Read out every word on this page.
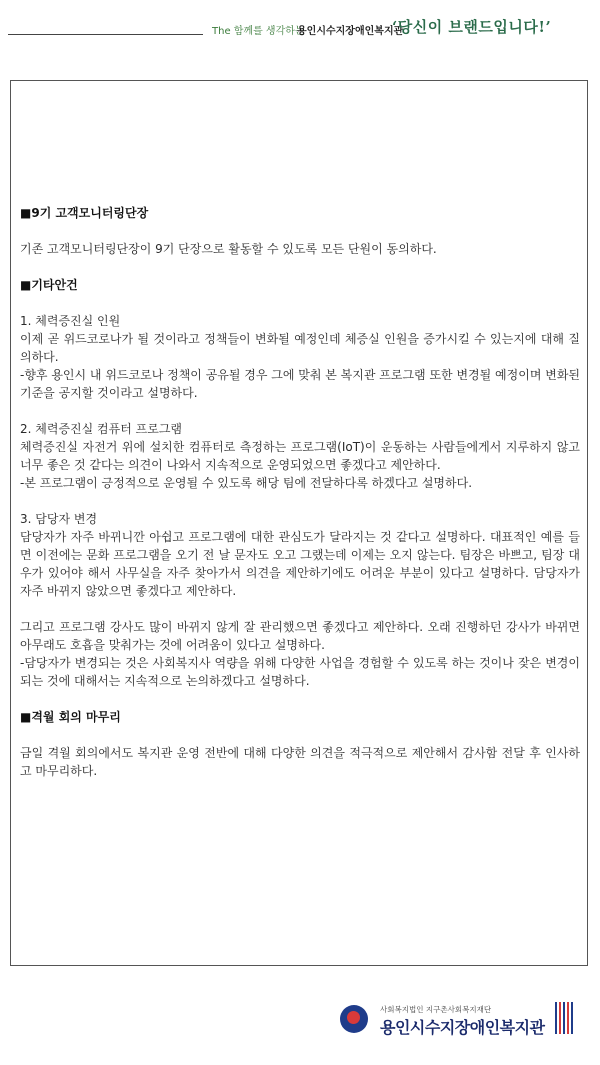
The 함께를 생각하는
용인시수지장애인복지관
‘당신이 브랜드입니다!’

■9기 고객모니터링단장

기존 고객모니터링단장이 9기 단장으로 활동할 수 있도록 모든 단원이 동의하다.

■기타안건

1. 체력증진실 인원

이제 곧 위드코로나가 될 것이라고 정책들이 변화될 예정인데 체증실 인원을 증가시킬 수 있는지에 대해 질의하다.

-향후 용인시 내 위드코로나 정책이 공유될 경우 그에 맞춰 본 복지관 프로그램 또한 변경될 예정이며 변화된 기준을 공지할 것이라고 설명하다.

2. 체력증진실 컴퓨터 프로그램

체력증진실 자전거 위에 설치한 컴퓨터로 측정하는 프로그램(IoT)이 운동하는 사람들에게서 지루하지 않고 너무 좋은 것 같다는 의견이 나와서 지속적으로 운영되었으면 좋겠다고 제안하다.

-본 프로그램이 긍정적으로 운영될 수 있도록 해당 팀에 전달하다록 하겠다고 설명하다.

3. 담당자 변경

담당자가 자주 바뀌니깐 아쉽고 프로그램에 대한 관심도가 달라지는 것 같다고 설명하다. 대표적인 예를 들면 이전에는 문화 프로그램을 오기 전 날 문자도 오고 그랬는데 이제는 오지 않는다. 팀장은 바쁘고, 팀장 대우가 있어야 해서 사무실을 자주 찾아가서 의견을 제안하기에도 어려운 부분이 있다고 설명하다. 담당자가 자주 바뀌지 않았으면 좋겠다고 제안하다.

그리고 프로그램 강사도 많이 바뀌지 않게 잘 관리했으면 좋겠다고 제안하다. 오래 진행하던 강사가 바뀌면 아무래도 호흡을 맞춰가는 것에 어려움이 있다고 설명하다.

-담당자가 변경되는 것은 사회복지사 역량을 위해 다양한 사업을 경험할 수 있도록 하는 것이나 잦은 변경이 되는 것에 대해서는 지속적으로 논의하겠다고 설명하다.

■격월 회의 마무리

금일 격월 회의에서도 복지관 운영 전반에 대해 다양한 의견을 적극적으로 제안해서 감사함 전달 후 인사하고 마무리하다.

사회복지법인 지구촌사회복지재단
용인시수지장애인복지관
